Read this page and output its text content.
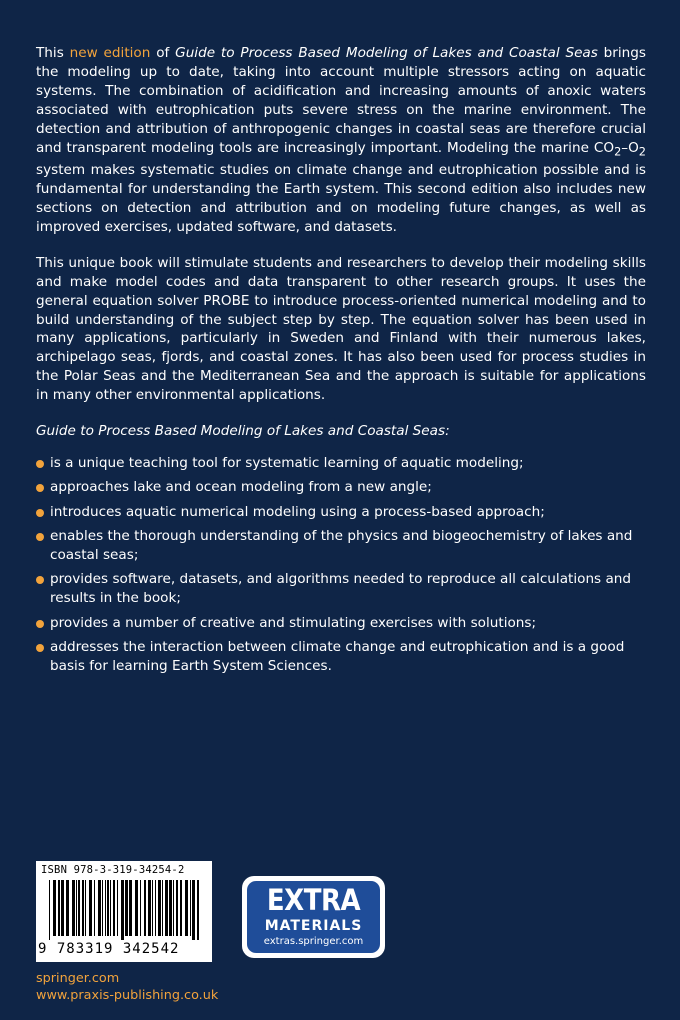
This new edition of Guide to Process Based Modeling of Lakes and Coastal Seas brings the modeling up to date, taking into account multiple stressors acting on aquatic systems. The combination of acidification and increasing amounts of anoxic waters associated with eutrophication puts severe stress on the marine environment. The detection and attribution of anthropogenic changes in coastal seas are therefore crucial and transparent modeling tools are increasingly important. Modeling the marine $CO_2-O_2$ system makes systematic studies on climate change and eutrophication possible and is fundamental for understanding the Earth system. This second edition also includes new sections on detection and attribution and on modeling future changes, as well as improved exercises, updated software, and datasets.

This unique book will stimulate students and researchers to develop their modeling skills and make model codes and data transparent to other research groups. It uses the general equation solver PROBE to introduce process-oriented numerical modeling and to build understanding of the subject step by step. The equation solver has been used in many applications, particularly in Sweden and Finland with their numerous lakes, archipelago seas, fjords, and coastal zones. It has also been used for process studies in the Polar Seas and the Mediterranean Sea and the approach is suitable for applications in many other environmental applications.

Guide to Process Based Modeling of Lakes and Coastal Seas:

is a unique teaching tool for systematic learning of aquatic modeling;
approaches lake and ocean modeling from a new angle;
introduces aquatic numerical modeling using a process-based approach;
enables the thorough understanding of the physics and biogeochemistry of lakes and coastal seas;
provides software, datasets, and algorithms needed to reproduce all calculations and results in the book;
provides a number of creative and stimulating exercises with solutions;
addresses the interaction between climate change and eutrophication and is a good basis for learning Earth System Sciences.
ISBN 978-3-319-34254-2
9 783319 342542
EXTRA
MATERIALS
extras.springer.com
springer.com
www.praxis-publishing.co.uk
